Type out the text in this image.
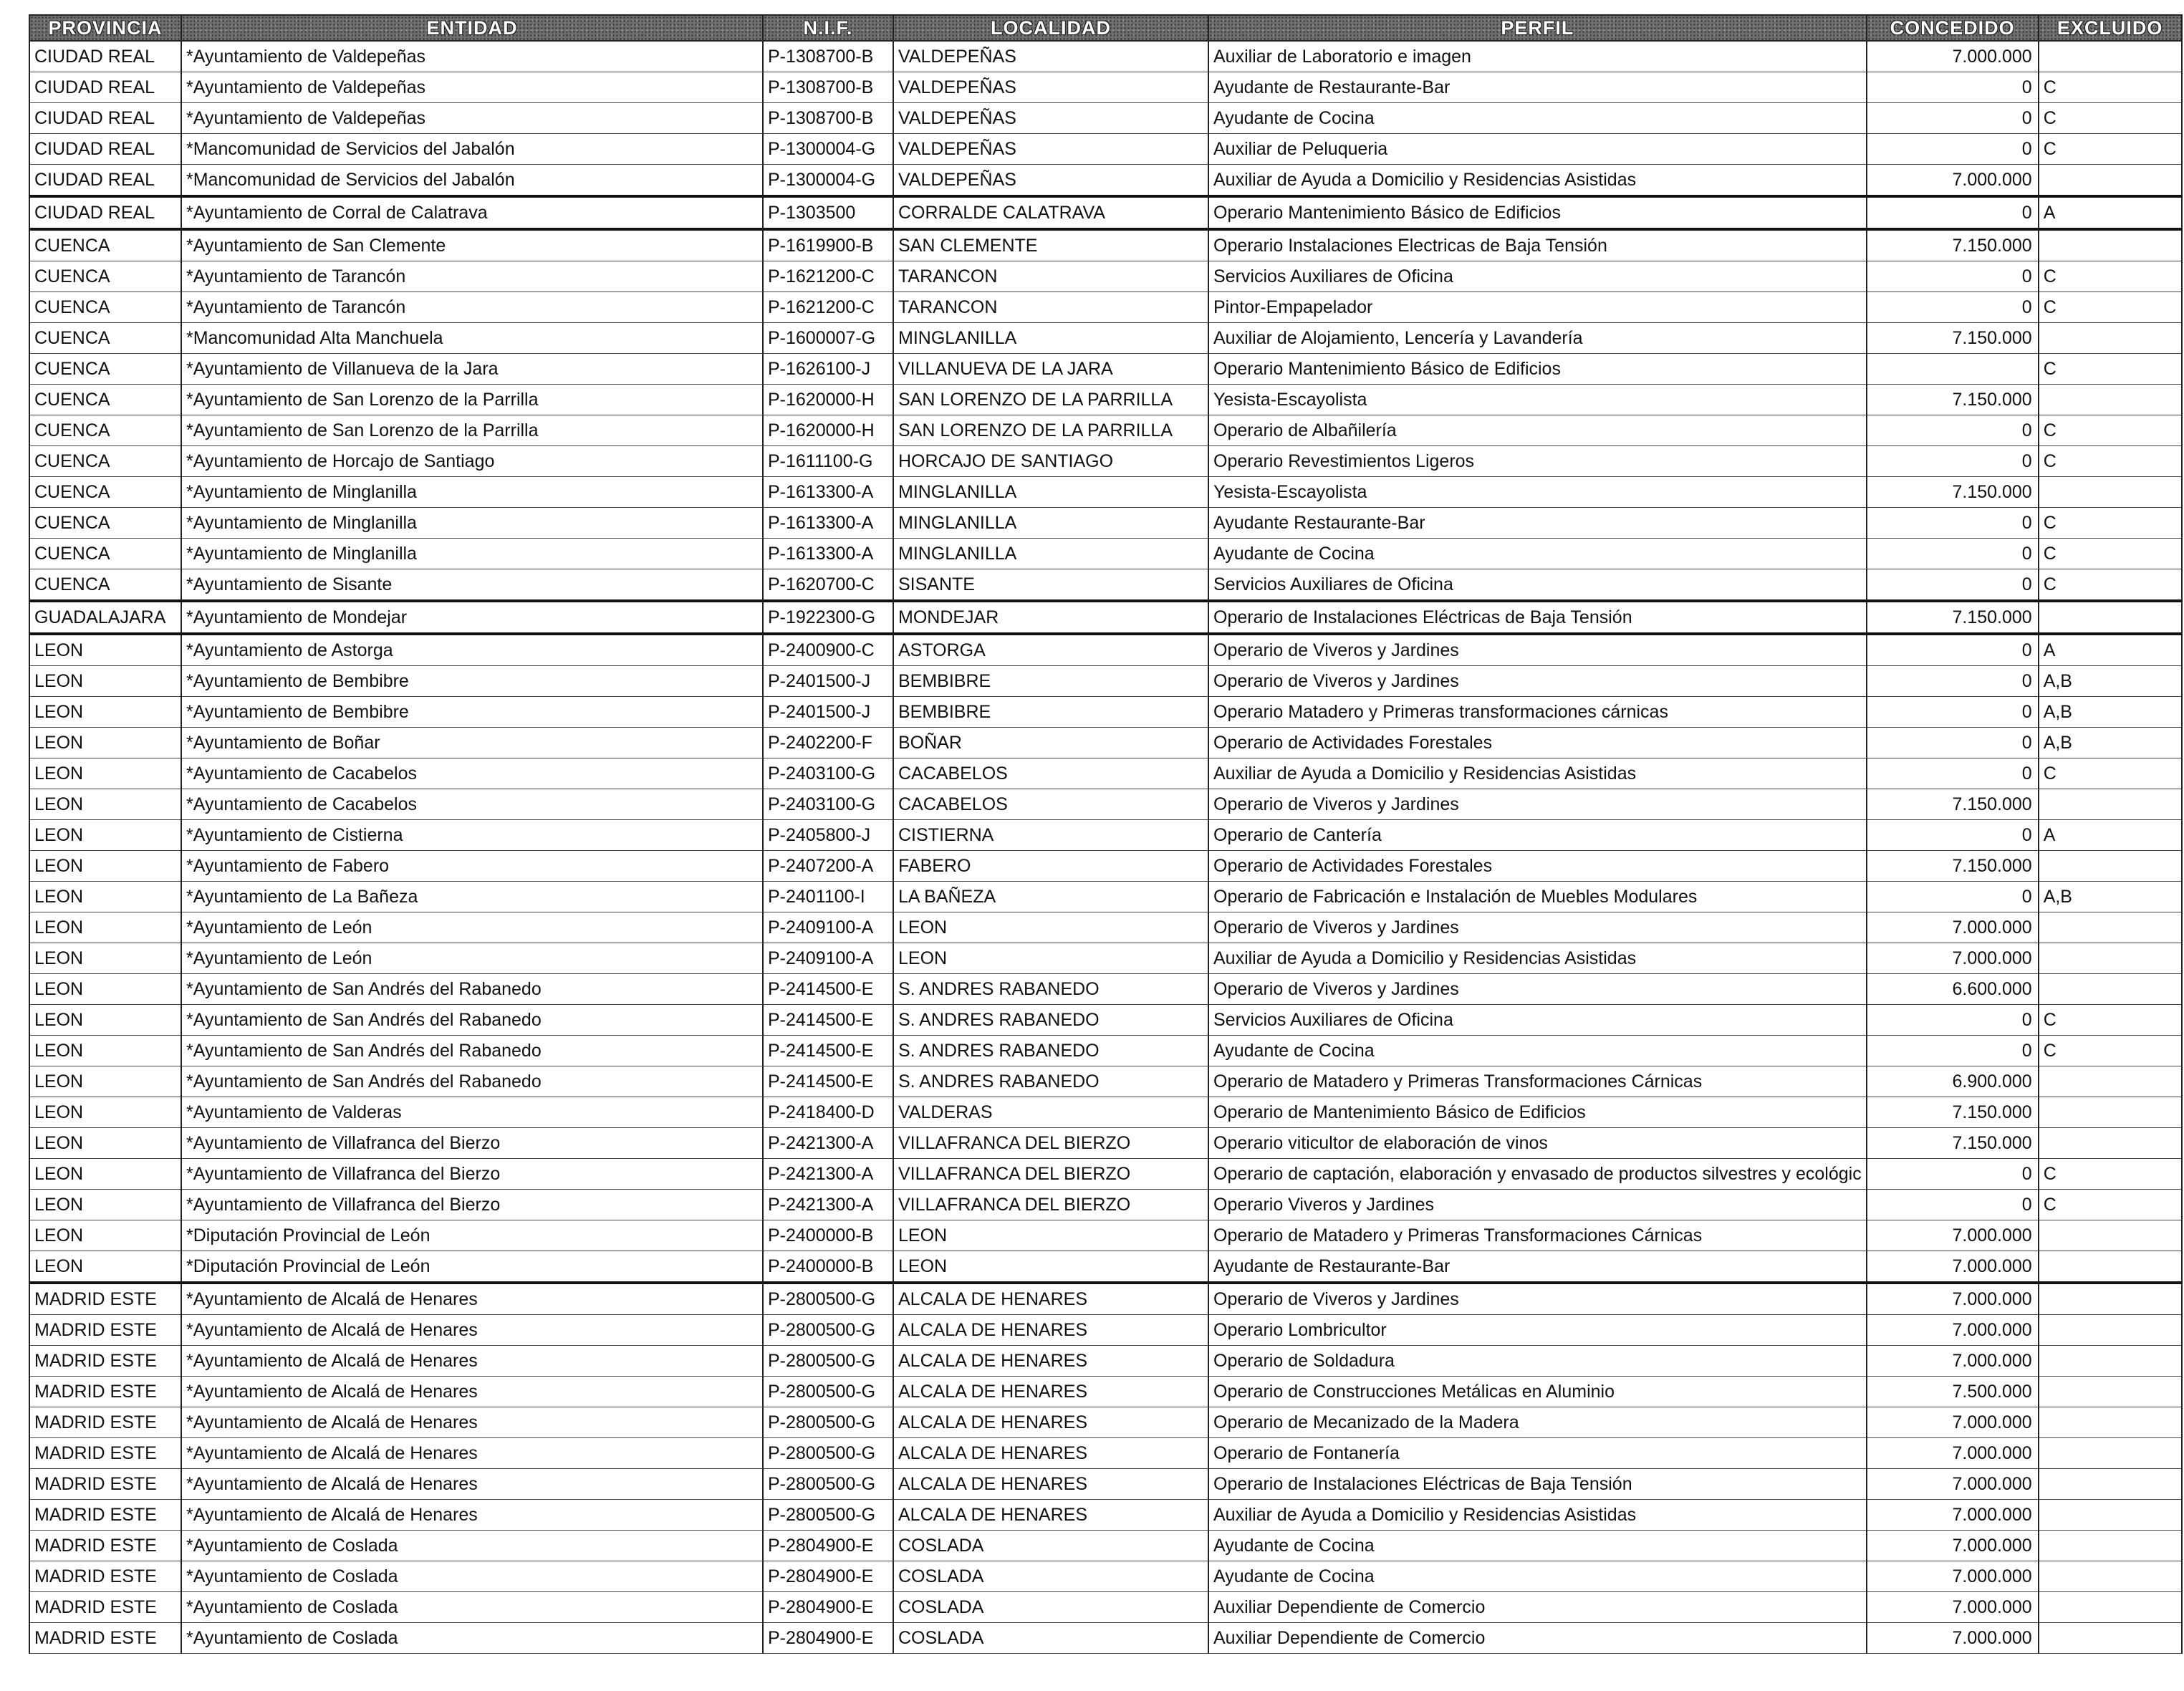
PROVINCIA	ENTIDAD	N.I.F.	LOCALIDAD	PERFIL	CONCEDIDO	EXCLUIDO
CIUDAD REAL	*Ayuntamiento de Valdepeñas	P-1308700-B	VALDEPEÑAS	Auxiliar de Laboratorio e imagen	7.000.000	
CIUDAD REAL	*Ayuntamiento de Valdepeñas	P-1308700-B	VALDEPEÑAS	Ayudante de Restaurante-Bar	0	C
CIUDAD REAL	*Ayuntamiento de Valdepeñas	P-1308700-B	VALDEPEÑAS	Ayudante de Cocina	0	C
CIUDAD REAL	*Mancomunidad de Servicios del Jabalón	P-1300004-G	VALDEPEÑAS	Auxiliar de Peluqueria	0	C
CIUDAD REAL	*Mancomunidad de Servicios del Jabalón	P-1300004-G	VALDEPEÑAS	Auxiliar de Ayuda a Domicilio y Residencias Asistidas	7.000.000	
CIUDAD REAL	*Ayuntamiento de Corral de Calatrava	P-1303500	CORRALDE CALATRAVA	Operario Mantenimiento Básico de Edificios	0	A
CUENCA	*Ayuntamiento de San Clemente	P-1619900-B	SAN CLEMENTE	Operario Instalaciones Electricas de Baja Tensión	7.150.000	
CUENCA	*Ayuntamiento de Tarancón	P-1621200-C	TARANCON	Servicios Auxiliares de Oficina	0	C
CUENCA	*Ayuntamiento de Tarancón	P-1621200-C	TARANCON	Pintor-Empapelador	0	C
CUENCA	*Mancomunidad Alta Manchuela	P-1600007-G	MINGLANILLA	Auxiliar de Alojamiento, Lencería y Lavandería	7.150.000	
CUENCA	*Ayuntamiento de Villanueva de la Jara	P-1626100-J	VILLANUEVA DE LA JARA	Operario Mantenimiento Básico de Edificios		C
CUENCA	*Ayuntamiento de San Lorenzo de la Parrilla	P-1620000-H	SAN LORENZO DE LA PARRILLA	Yesista-Escayolista	7.150.000	
CUENCA	*Ayuntamiento de San Lorenzo de la Parrilla	P-1620000-H	SAN LORENZO DE LA PARRILLA	Operario de Albañilería	0	C
CUENCA	*Ayuntamiento de Horcajo de Santiago	P-1611100-G	HORCAJO DE SANTIAGO	Operario Revestimientos Ligeros	0	C
CUENCA	*Ayuntamiento de Minglanilla	P-1613300-A	MINGLANILLA	Yesista-Escayolista	7.150.000	
CUENCA	*Ayuntamiento de Minglanilla	P-1613300-A	MINGLANILLA	Ayudante Restaurante-Bar	0	C
CUENCA	*Ayuntamiento de Minglanilla	P-1613300-A	MINGLANILLA	Ayudante de Cocina	0	C
CUENCA	*Ayuntamiento de Sisante	P-1620700-C	SISANTE	Servicios Auxiliares de Oficina	0	C
GUADALAJARA	*Ayuntamiento de Mondejar	P-1922300-G	MONDEJAR	Operario de Instalaciones Eléctricas de Baja Tensión	7.150.000	
LEON	*Ayuntamiento de Astorga	P-2400900-C	ASTORGA	Operario de Viveros y Jardines	0	A
LEON	*Ayuntamiento de Bembibre	P-2401500-J	BEMBIBRE	Operario de Viveros y Jardines	0	A,B
LEON	*Ayuntamiento de Bembibre	P-2401500-J	BEMBIBRE	Operario Matadero y Primeras transformaciones cárnicas	0	A,B
LEON	*Ayuntamiento de Boñar	P-2402200-F	BOÑAR	Operario de Actividades Forestales	0	A,B
LEON	*Ayuntamiento de Cacabelos	P-2403100-G	CACABELOS	Auxiliar de Ayuda a Domicilio y Residencias Asistidas	0	C
LEON	*Ayuntamiento de Cacabelos	P-2403100-G	CACABELOS	Operario de Viveros y Jardines	7.150.000	
LEON	*Ayuntamiento de Cistierna	P-2405800-J	CISTIERNA	Operario de Cantería	0	A
LEON	*Ayuntamiento de Fabero	P-2407200-A	FABERO	Operario de Actividades Forestales	7.150.000	
LEON	*Ayuntamiento de La Bañeza	P-2401100-I	LA BAÑEZA	Operario de Fabricación e Instalación de Muebles Modulares	0	A,B
LEON	*Ayuntamiento de León	P-2409100-A	LEON	Operario de Viveros y Jardines	7.000.000	
LEON	*Ayuntamiento de León	P-2409100-A	LEON	Auxiliar de Ayuda a Domicilio y Residencias Asistidas	7.000.000	
LEON	*Ayuntamiento de San Andrés del Rabanedo	P-2414500-E	S. ANDRES RABANEDO	Operario de Viveros y Jardines	6.600.000	
LEON	*Ayuntamiento de San Andrés del Rabanedo	P-2414500-E	S. ANDRES RABANEDO	Servicios Auxiliares de Oficina	0	C
LEON	*Ayuntamiento de San Andrés del Rabanedo	P-2414500-E	S. ANDRES RABANEDO	Ayudante de Cocina	0	C
LEON	*Ayuntamiento de San Andrés del Rabanedo	P-2414500-E	S. ANDRES RABANEDO	Operario de Matadero y Primeras Transformaciones Cárnicas	6.900.000	
LEON	*Ayuntamiento de Valderas	P-2418400-D	VALDERAS	Operario de Mantenimiento Básico de Edificios	7.150.000	
LEON	*Ayuntamiento de Villafranca del Bierzo	P-2421300-A	VILLAFRANCA DEL BIERZO	Operario viticultor de elaboración de vinos	7.150.000	
LEON	*Ayuntamiento de Villafranca del Bierzo	P-2421300-A	VILLAFRANCA DEL BIERZO	Operario de captación, elaboración y envasado de productos silvestres y ecológic	0	C
LEON	*Ayuntamiento de Villafranca del Bierzo	P-2421300-A	VILLAFRANCA DEL BIERZO	Operario Viveros y Jardines	0	C
LEON	*Diputación Provincial de León	P-2400000-B	LEON	Operario de Matadero y Primeras Transformaciones Cárnicas	7.000.000	
LEON	*Diputación Provincial de León	P-2400000-B	LEON	Ayudante de Restaurante-Bar	7.000.000	
MADRID ESTE	*Ayuntamiento de Alcalá de Henares	P-2800500-G	ALCALA DE HENARES	Operario de Viveros y Jardines	7.000.000	
MADRID ESTE	*Ayuntamiento de Alcalá de Henares	P-2800500-G	ALCALA DE HENARES	Operario Lombricultor	7.000.000	
MADRID ESTE	*Ayuntamiento de Alcalá de Henares	P-2800500-G	ALCALA DE HENARES	Operario de Soldadura	7.000.000	
MADRID ESTE	*Ayuntamiento de Alcalá de Henares	P-2800500-G	ALCALA DE HENARES	Operario de Construcciones Metálicas en Aluminio	7.500.000	
MADRID ESTE	*Ayuntamiento de Alcalá de Henares	P-2800500-G	ALCALA DE HENARES	Operario de Mecanizado de la Madera	7.000.000	
MADRID ESTE	*Ayuntamiento de Alcalá de Henares	P-2800500-G	ALCALA DE HENARES	Operario de Fontanería	7.000.000	
MADRID ESTE	*Ayuntamiento de Alcalá de Henares	P-2800500-G	ALCALA DE HENARES	Operario de Instalaciones Eléctricas de Baja Tensión	7.000.000	
MADRID ESTE	*Ayuntamiento de Alcalá de Henares	P-2800500-G	ALCALA DE HENARES	Auxiliar de Ayuda a Domicilio y Residencias Asistidas	7.000.000	
MADRID ESTE	*Ayuntamiento de Coslada	P-2804900-E	COSLADA	Ayudante de Cocina	7.000.000	
MADRID ESTE	*Ayuntamiento de Coslada	P-2804900-E	COSLADA	Ayudante de Cocina	7.000.000	
MADRID ESTE	*Ayuntamiento de Coslada	P-2804900-E	COSLADA	Auxiliar Dependiente de Comercio	7.000.000	
MADRID ESTE	*Ayuntamiento de Coslada	P-2804900-E	COSLADA	Auxiliar Dependiente de Comercio	7.000.000	
